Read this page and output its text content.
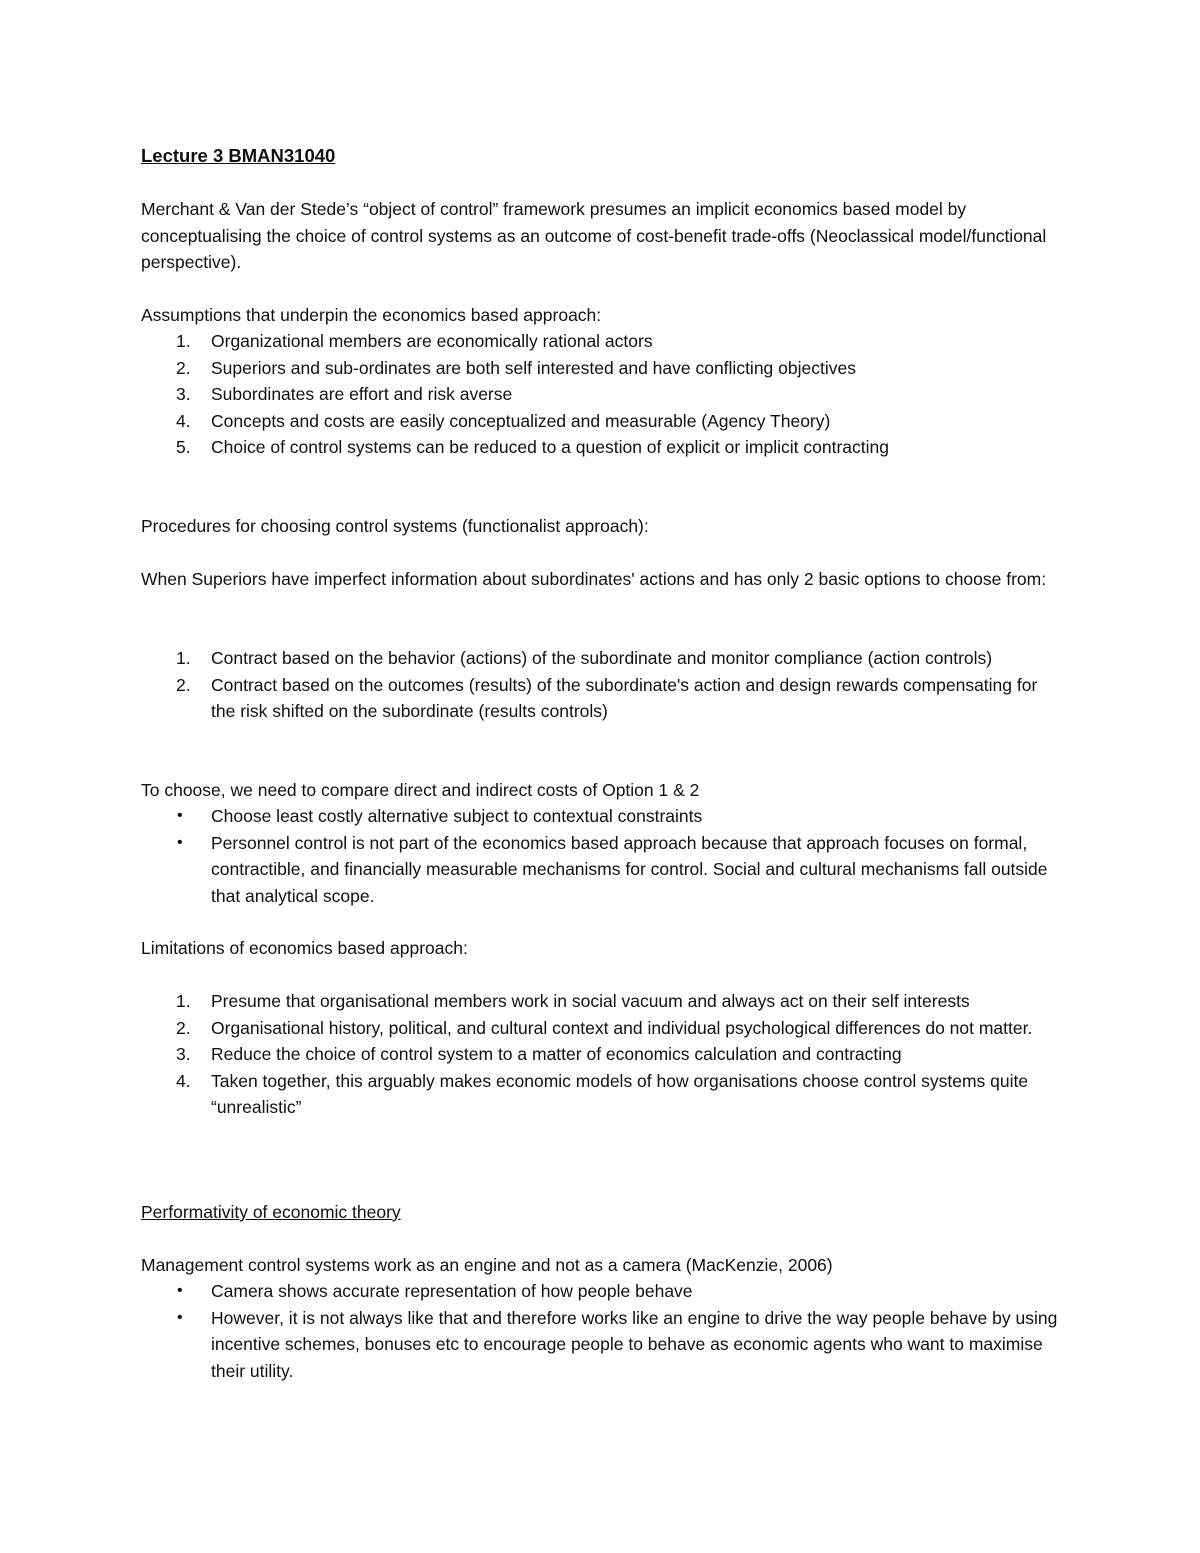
Lecture 3 BMAN31040

Merchant & Van der Stede’s “object of control” framework presumes an implicit economics based model by conceptualising the choice of control systems as an outcome of cost-benefit trade-offs (Neoclassical model/functional perspective).

Assumptions that underpin the economics based approach:

1.	Organizational members are economically rational actors
2.	Superiors and sub-ordinates are both self interested and have conflicting objectives
3.	Subordinates are effort and risk averse
4.	Concepts and costs are easily conceptualized and measurable (Agency Theory)
5.	Choice of control systems can be reduced to a question of explicit or implicit contracting

Procedures for choosing control systems (functionalist approach):

When Superiors have imperfect information about subordinates' actions and has only 2 basic options to choose from:

1.	Contract based on the behavior (actions) of the subordinate and monitor compliance (action controls)
2.	Contract based on the outcomes (results) of the subordinate's action and design rewards compensating for the risk shifted on the subordinate (results controls)

To choose, we need to compare direct and indirect costs of Option 1 & 2

• Choose least costly alternative subject to contextual constraints
• Personnel control is not part of the economics based approach because that approach focuses on formal, contractible, and financially measurable mechanisms for control. Social and cultural mechanisms fall outside that analytical scope.

Limitations of economics based approach:

1.	Presume that organisational members work in social vacuum and always act on their self interests
2.	Organisational history, political, and cultural context and individual psychological differences do not matter.
3.	Reduce the choice of control system to a matter of economics calculation and contracting
4.	Taken together, this arguably makes economic models of how organisations choose control systems quite “unrealistic”

Performativity of economic theory

Management control systems work as an engine and not as a camera (MacKenzie, 2006)

• Camera shows accurate representation of how people behave
• However, it is not always like that and therefore works like an engine to drive the way people behave by using incentive schemes, bonuses etc to encourage people to behave as economic agents who want to maximise their utility.
